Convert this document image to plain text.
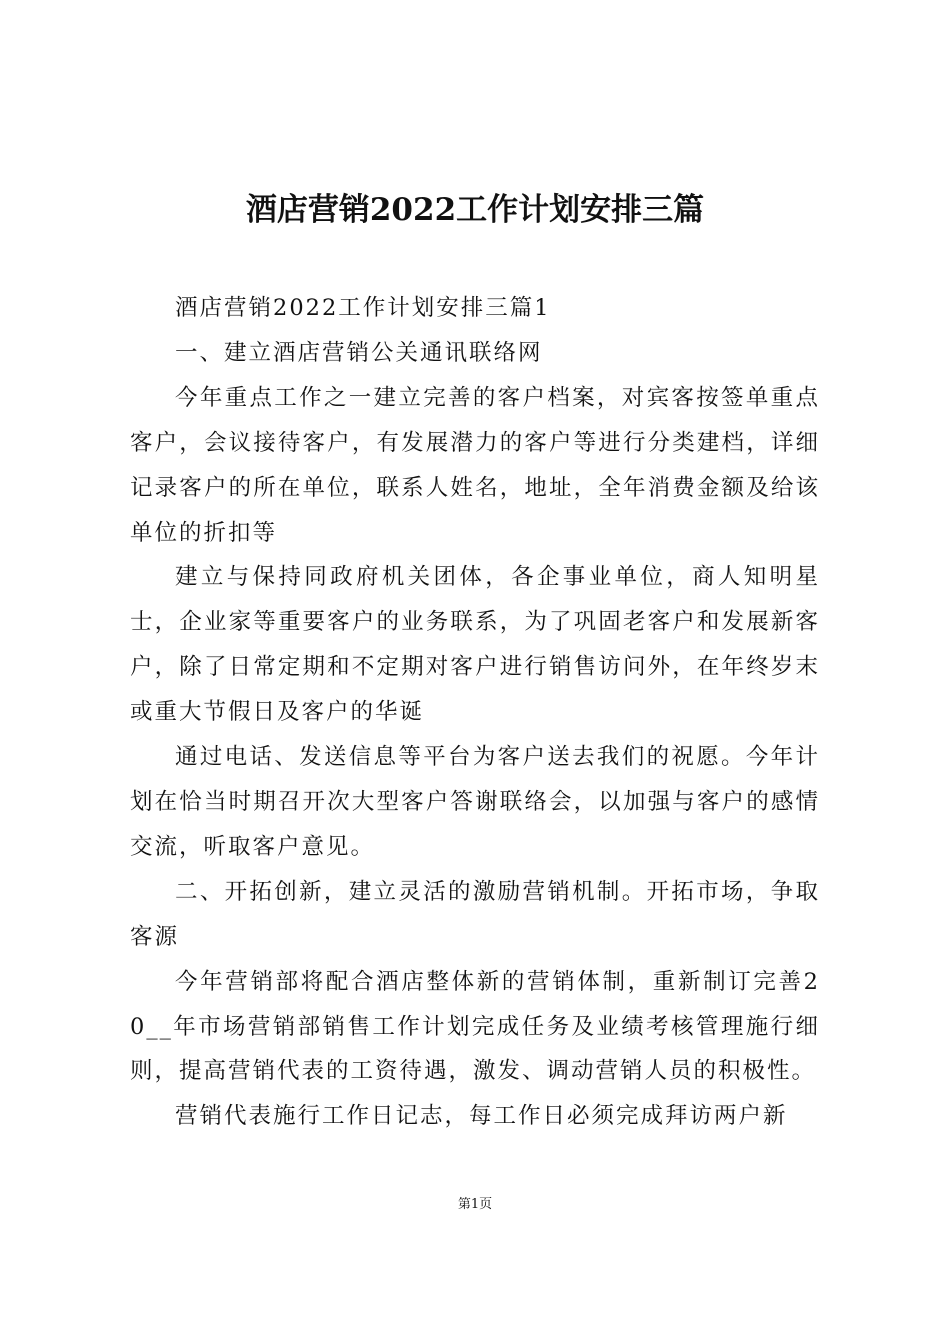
酒店营销2022工作计划安排三篇

酒店营销2022工作计划安排三篇1

一、建立酒店营销公关通讯联络网

今年重点工作之一建立完善的客户档案，对宾客按签单重点客户，会议接待客户，有发展潜力的客户等进行分类建档，详细记录客户的所在单位，联系人姓名，地址，全年消费金额及给该单位的折扣等

建立与保持同政府机关团体，各企事业单位，商人知明星士，企业家等重要客户的业务联系，为了巩固老客户和发展新客户，除了日常定期和不定期对客户进行销售访问外，在年终岁末或重大节假日及客户的华诞

通过电话、发送信息等平台为客户送去我们的祝愿。今年计划在恰当时期召开次大型客户答谢联络会，以加强与客户的感情交流，听取客户意见。

二、开拓创新，建立灵活的激励营销机制。开拓市场，争取客源

今年营销部将配合酒店整体新的营销体制，重新制订完善20__年市场营销部销售工作计划完成任务及业绩考核管理施行细则，提高营销代表的工资待遇，激发、调动营销人员的积极性。

营销代表施行工作日记志，每工作日必须完成拜访两户新

第1页
